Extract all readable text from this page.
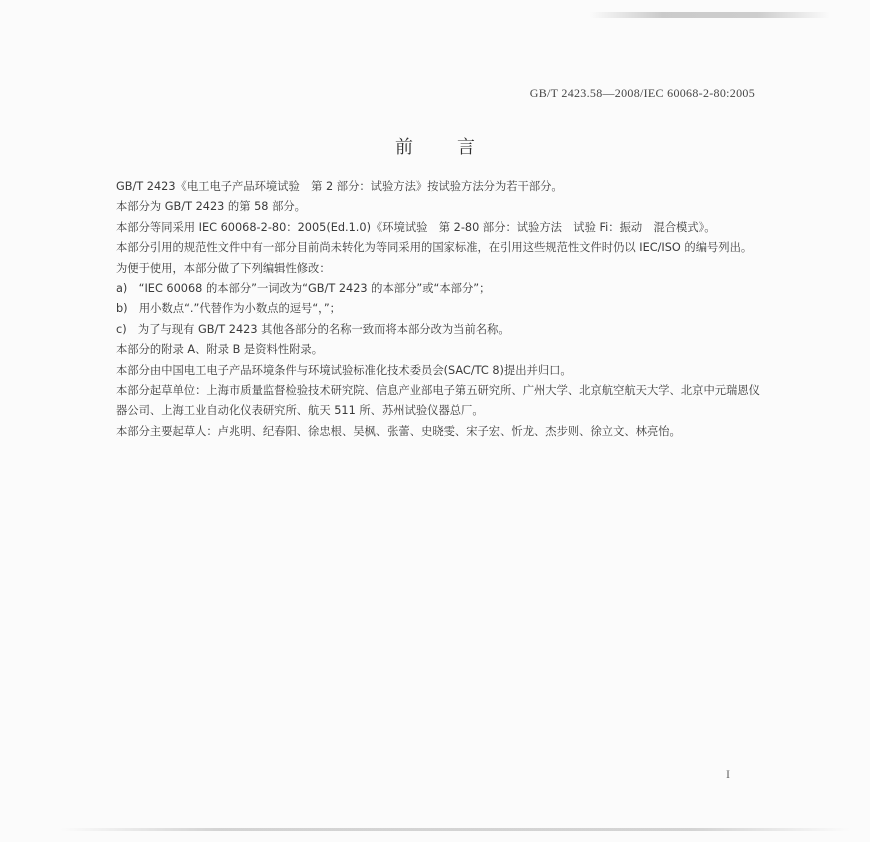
GB/T 2423.58—2008/IEC 60068-2-80:2005
前言

GB/T 2423《电工电子产品环境试验　第 2 部分：试验方法》按试验方法分为若干部分。

本部分为 GB/T 2423 的第 58 部分。

本部分等同采用 IEC 60068-2-80：2005(Ed.1.0)《环境试验　第 2-80 部分：试验方法　试验 Fi：振动　混合模式》。

本部分引用的规范性文件中有一部分目前尚未转化为等同采用的国家标准，在引用这些规范性文件时仍以 IEC/ISO 的编号列出。

为便于使用，本部分做了下列编辑性修改：

a)　“IEC 60068 的本部分”一词改为“GB/T 2423 的本部分”或“本部分”；

b)　用小数点“.”代替作为小数点的逗号“，”；

c)　为了与现有 GB/T 2423 其他各部分的名称一致而将本部分改为当前名称。

本部分的附录 A、附录 B 是资料性附录。

本部分由中国电工电子产品环境条件与环境试验标准化技术委员会(SAC/TC 8)提出并归口。

本部分起草单位：上海市质量监督检验技术研究院、信息产业部电子第五研究所、广州大学、北京航空航天大学、北京中元瑞恩仪器公司、上海工业自动化仪表研究所、航天 511 所、苏州试验仪器总厂。

本部分主要起草人：卢兆明、纪春阳、徐忠根、吴枫、张蕾、史晓雯、宋子宏、忻龙、杰步则、徐立文、林亮怡。

I
